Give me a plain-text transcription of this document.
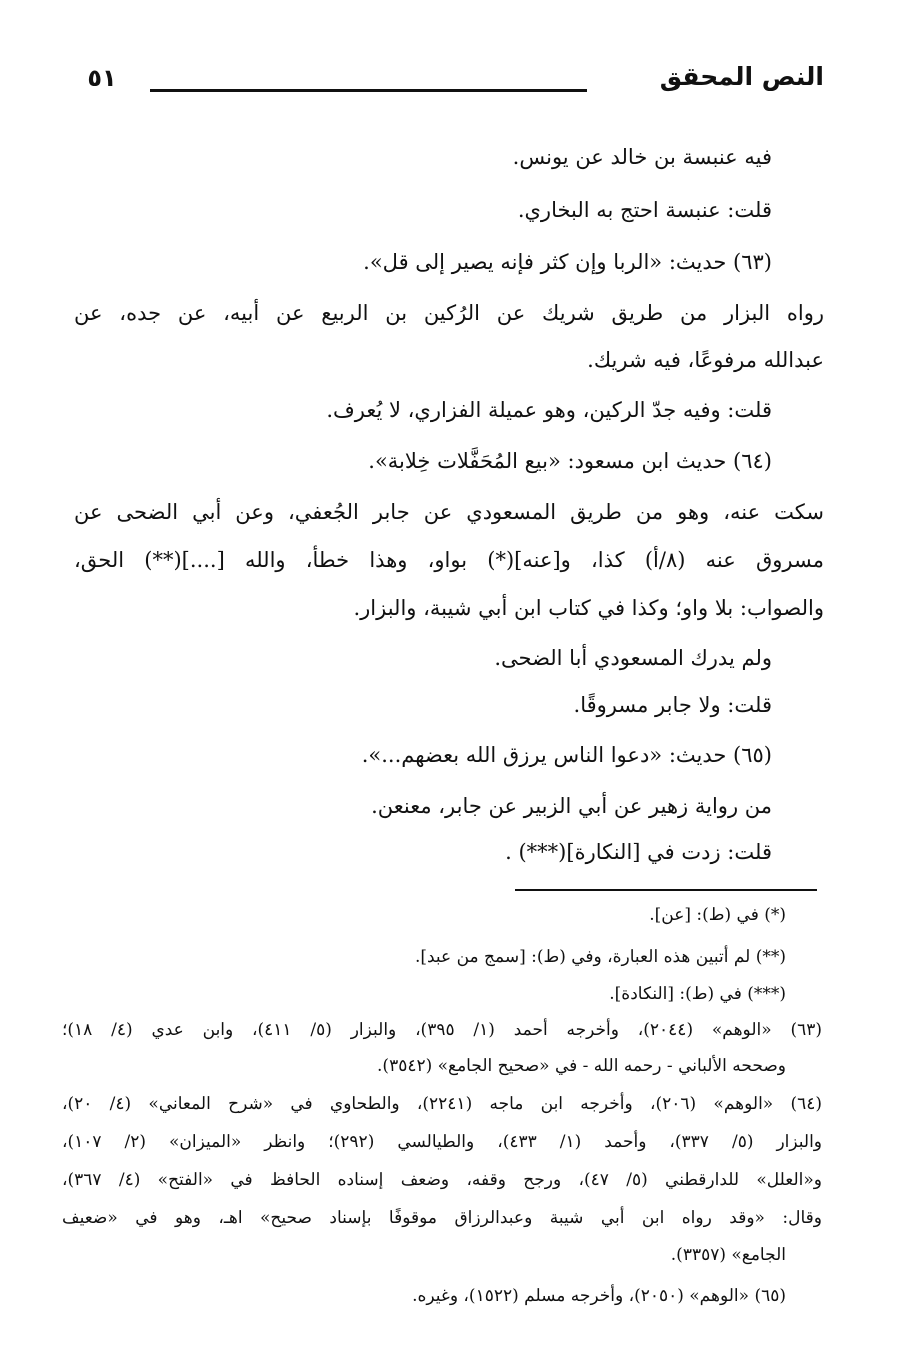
النص المحقق
٥١
فيه عنبسة بن خالد عن يونس.
قلت: عنبسة احتج به البخاري.
(٦٣) حديث: «الربا وإن كثر فإنه يصير إلى قل».
رواه البزار من طريق شريك عن الرُكين بن الربيع عن أبيه، عن جده، عن
عبدالله مرفوعًا، فيه شريك.
قلت: وفيه جدّ الركين، وهو عميلة الفزاري، لا يُعرف.
(٦٤) حديث ابن مسعود: «بيع المُحَفَّلات خِلابة».
سكت عنه، وهو من طريق المسعودي عن جابر الجُعفي، وعن أبي الضحى عن
مسروق عنه (٨/أ) كذا، و[عنه](*) بواو، وهذا خطأ، والله [....](**) الحق،
والصواب: بلا واو؛ وكذا في كتاب ابن أبي شيبة، والبزار.
ولم يدرك المسعودي أبا الضحى.
قلت: ولا جابر مسروقًا.
(٦٥) حديث: «دعوا الناس يرزق الله بعضهم...».
من رواية زهير عن أبي الزبير عن جابر، معنعن.
قلت: زدت في [النكارة](***) .
(*) في (ط): [عن].
(**) لم أتبين هذه العبارة، وفي (ط): [سمج من عبد].
(***) في (ط): [النكادة].
(٦٣) «الوهم» (٢٠٤٤)، وأخرجه أحمد (١/ ٣٩٥)، والبزار (٥/ ٤١١)، وابن عدي (٤/ ١٨)؛
وصححه الألباني - رحمه الله - في «صحيح الجامع» (٣٥٤٢).
(٦٤) «الوهم» (٢٠٦)، وأخرجه ابن ماجه (٢٢٤١)، والطحاوي في «شرح المعاني» (٤/ ٢٠)،
والبزار (٥/ ٣٣٧)، وأحمد (١/ ٤٣٣)، والطيالسي (٢٩٢)؛ وانظر «الميزان» (٢/ ١٠٧)،
و«العلل» للدارقطني (٥/ ٤٧)، ورجح وقفه، وضعف إسناده الحافظ في «الفتح» (٤/ ٣٦٧)،
وقال: «وقد رواه ابن أبي شيبة وعبدالرزاق موقوفًا بإسناد صحيح» اهـ، وهو في «ضعيف
الجامع» (٣٣٥٧).
(٦٥) «الوهم» (٢٠٥٠)، وأخرجه مسلم (١٥٢٢)، وغيره.
